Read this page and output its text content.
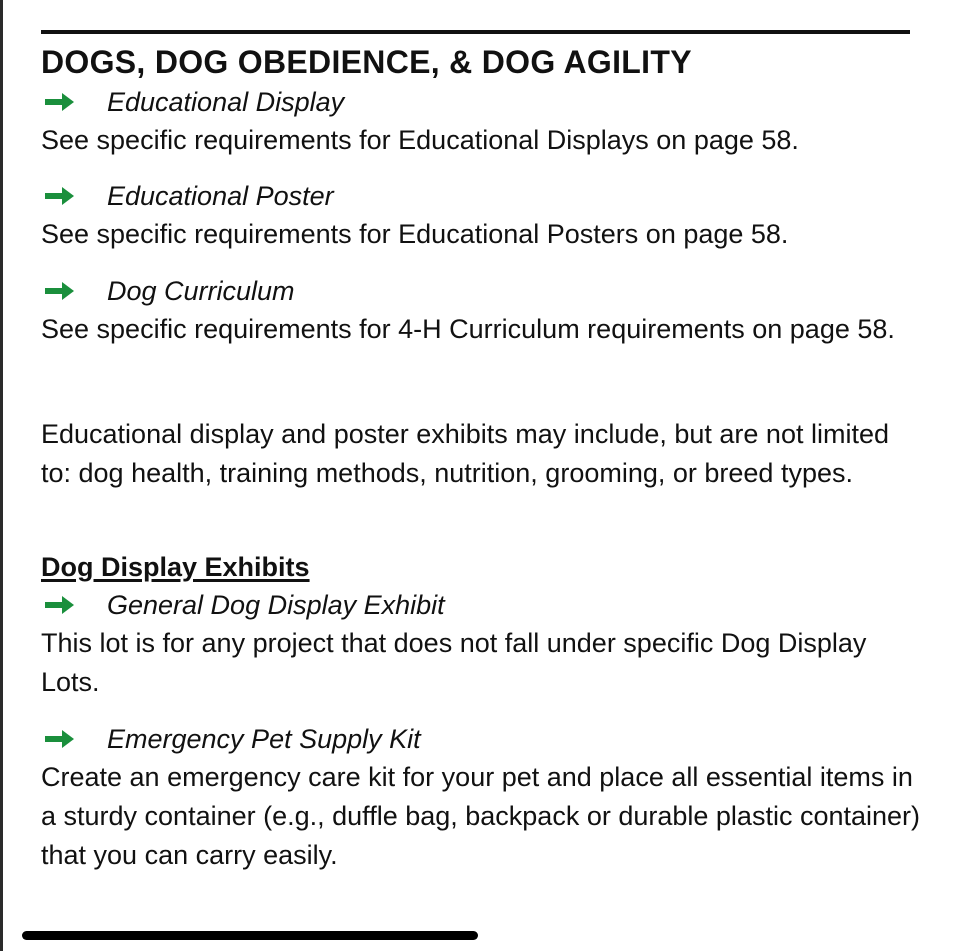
DOGS, DOG OBEDIENCE, & DOG AGILITY
Educational Display

See specific requirements for Educational Displays on page 58.

Educational Poster

See specific requirements for Educational Posters on page 58.

Dog Curriculum

See specific requirements for 4-H Curriculum requirements on page 58.

Educational display and poster exhibits may include, but are not limited to: dog health, training methods, nutrition, grooming, or breed types.

Dog Display Exhibits
General Dog Display Exhibit

This lot is for any project that does not fall under specific Dog Display Lots.

Emergency Pet Supply Kit

Create an emergency care kit for your pet and place all essential items in a sturdy container (e.g., duffle bag, backpack or durable plastic container) that you can carry easily.
